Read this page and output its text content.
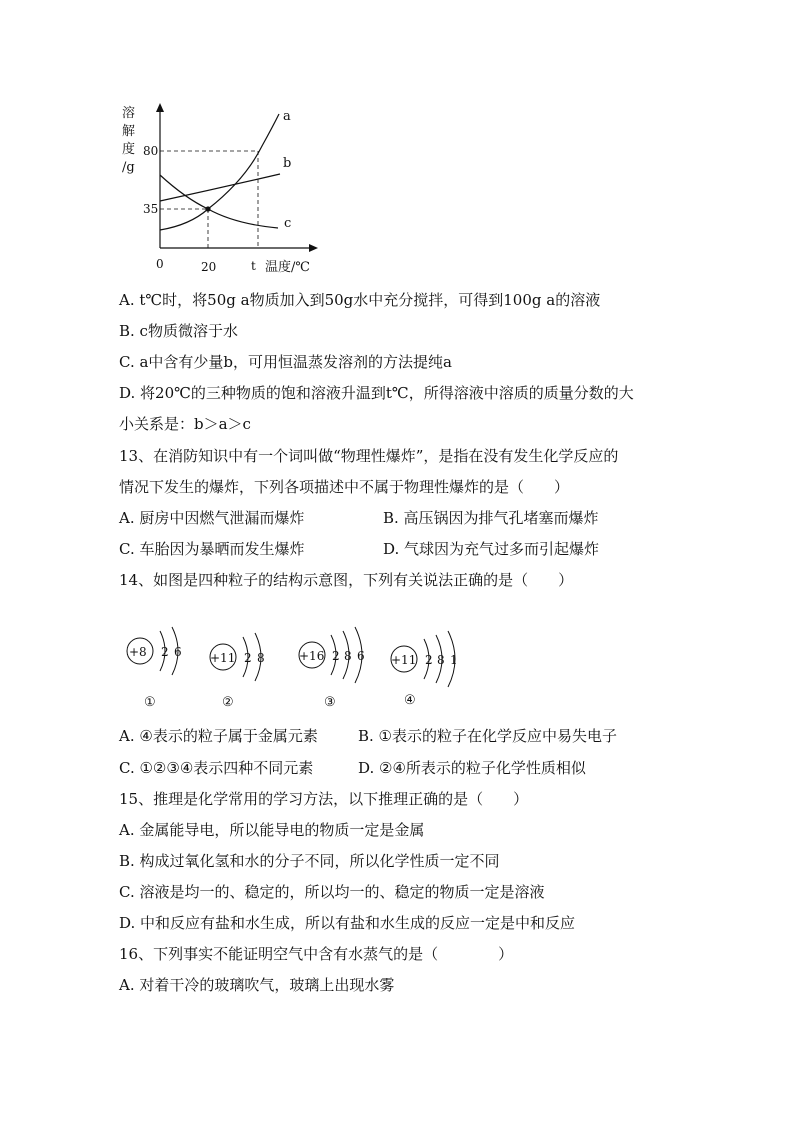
溶
解
度
/g
a
b
c
80
35
0	20	t 温度/℃
A. t℃时，将50g a物质加入到50g水中充分搅拌，可得到100g a的溶液
B. c物质微溶于水
C. a中含有少量b，可用恒温蒸发溶剂的方法提纯a
D. 将20℃的三种物质的饱和溶液升温到t℃，所得溶液中溶质的质量分数的大
小关系是：b＞a＞c
13、在消防知识中有一个词叫做“物理性爆炸”，是指在没有发生化学反应的
情况下发生的爆炸，下列各项描述中不属于物理性爆炸的是（　　）
A. 厨房中因燃气泄漏而爆炸	B. 高压锅因为排气孔堵塞而爆炸
C. 车胎因为暴晒而发生爆炸	D. 气球因为充气过多而引起爆炸
14、如图是四种粒子的结构示意图，下列有关说法正确的是（　　）
+8 2 6
①
+11 2 8
②
+16 2 8 6
③
+11 2 8 1
④
A. ④表示的粒子属于金属元素	B. ①表示的粒子在化学反应中易失电子
C. ①②③④表示四种不同元素	D. ②④所表示的粒子化学性质相似
15、推理是化学常用的学习方法，以下推理正确的是（　　）
A. 金属能导电，所以能导电的物质一定是金属
B. 构成过氧化氢和水的分子不同，所以化学性质一定不同
C. 溶液是均一的、稳定的，所以均一的、稳定的物质一定是溶液
D. 中和反应有盐和水生成，所以有盐和水生成的反应一定是中和反应
16、下列事实不能证明空气中含有水蒸气的是（　　　　）
A. 对着干冷的玻璃吹气，玻璃上出现水雾
